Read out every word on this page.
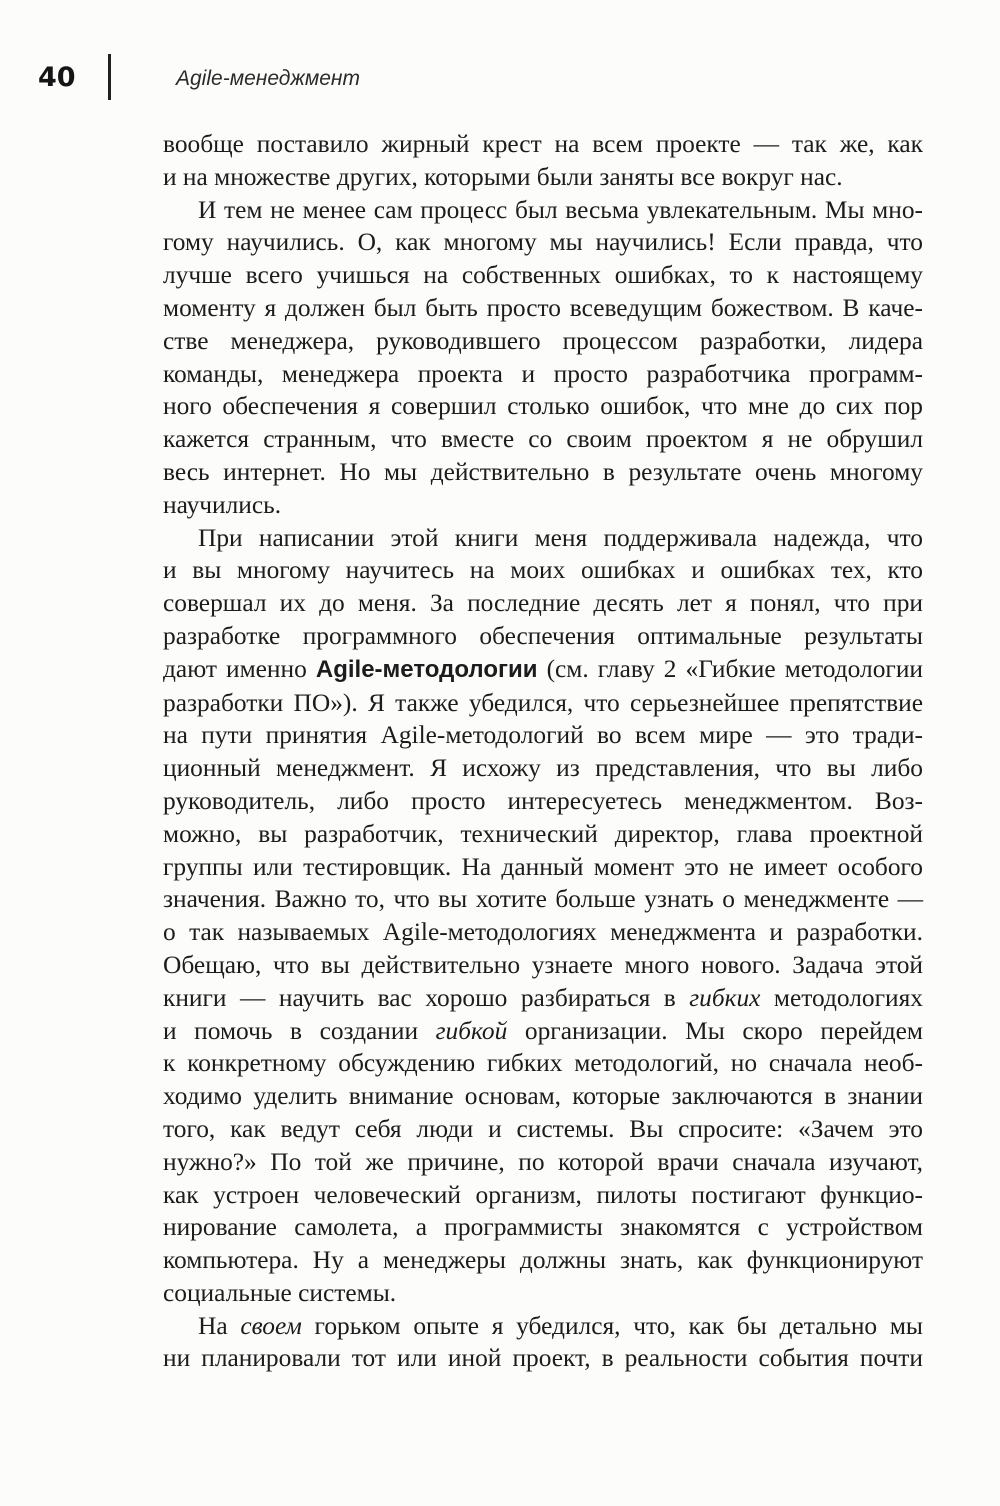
40	Agile-менеджмент

вообще поставило жирный крест на всем проекте — так же, как
и на множестве других, которыми были заняты все вокруг нас.

И тем не менее сам процесс был весьма увлекательным. Мы мно-
гому научились. О, как многому мы научились! Если правда, что
лучше всего учишься на собственных ошибках, то к настоящему
моменту я должен был быть просто всеведущим божеством. В каче-
стве менеджера, руководившего процессом разработки, лидера
команды, менеджера проекта и просто разработчика программ-
ного обеспечения я совершил столько ошибок, что мне до сих пор
кажется странным, что вместе со своим проектом я не обрушил
весь интернет. Но мы действительно в результате очень многому
научились.

При написании этой книги меня поддерживала надежда, что
и вы многому научитесь на моих ошибках и ошибках тех, кто
совершал их до меня. За последние десять лет я понял, что при
разработке программного обеспечения оптимальные результаты
дают именно Agile-методологии (см. главу 2 «Гибкие методологии
разработки ПО»). Я также убедился, что серьезнейшее препятствие
на пути принятия Agile-методологий во всем мире — это тради-
ционный менеджмент. Я исхожу из представления, что вы либо
руководитель, либо просто интересуетесь менеджментом. Воз-
можно, вы разработчик, технический директор, глава проектной
группы или тестировщик. На данный момент это не имеет особого
значения. Важно то, что вы хотите больше узнать о менеджменте —
о так называемых Agile-методологиях менеджмента и разработки.
Обещаю, что вы действительно узнаете много нового. Задача этой
книги — научить вас хорошо разбираться в гибких методологиях
и помочь в создании гибкой организации. Мы скоро перейдем
к конкретному обсуждению гибких методологий, но сначала необ-
ходимо уделить внимание основам, которые заключаются в знании
того, как ведут себя люди и системы. Вы спросите: «Зачем это
нужно?» По той же причине, по которой врачи сначала изучают,
как устроен человеческий организм, пилоты постигают функцио-
нирование самолета, а программисты знакомятся с устройством
компьютера. Ну а менеджеры должны знать, как функционируют
социальные системы.

На своем горьком опыте я убедился, что, как бы детально мы
ни планировали тот или иной проект, в реальности события почти
